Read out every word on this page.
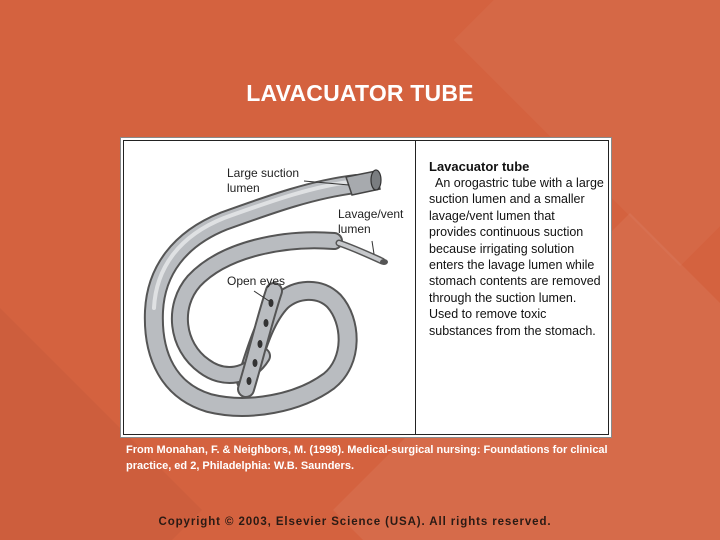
LAVACUATOR TUBE
Large suction lumen
Lavage/vent lumen
Open eyes
Lavacuator tube
An orogastric tube with a large suction lumen and a smaller lavage/vent lumen that provides continuous suction because irrigating solution enters the lavage lumen while stomach contents are removed through the suction lumen. Used to remove toxic substances from the stomach.
From Monahan, F. & Neighbors, M. (1998). Medical-surgical nursing: Foundations for clinical practice, ed 2, Philadelphia: W.B. Saunders.
Copyright © 2003, Elsevier Science (USA). All rights reserved.
